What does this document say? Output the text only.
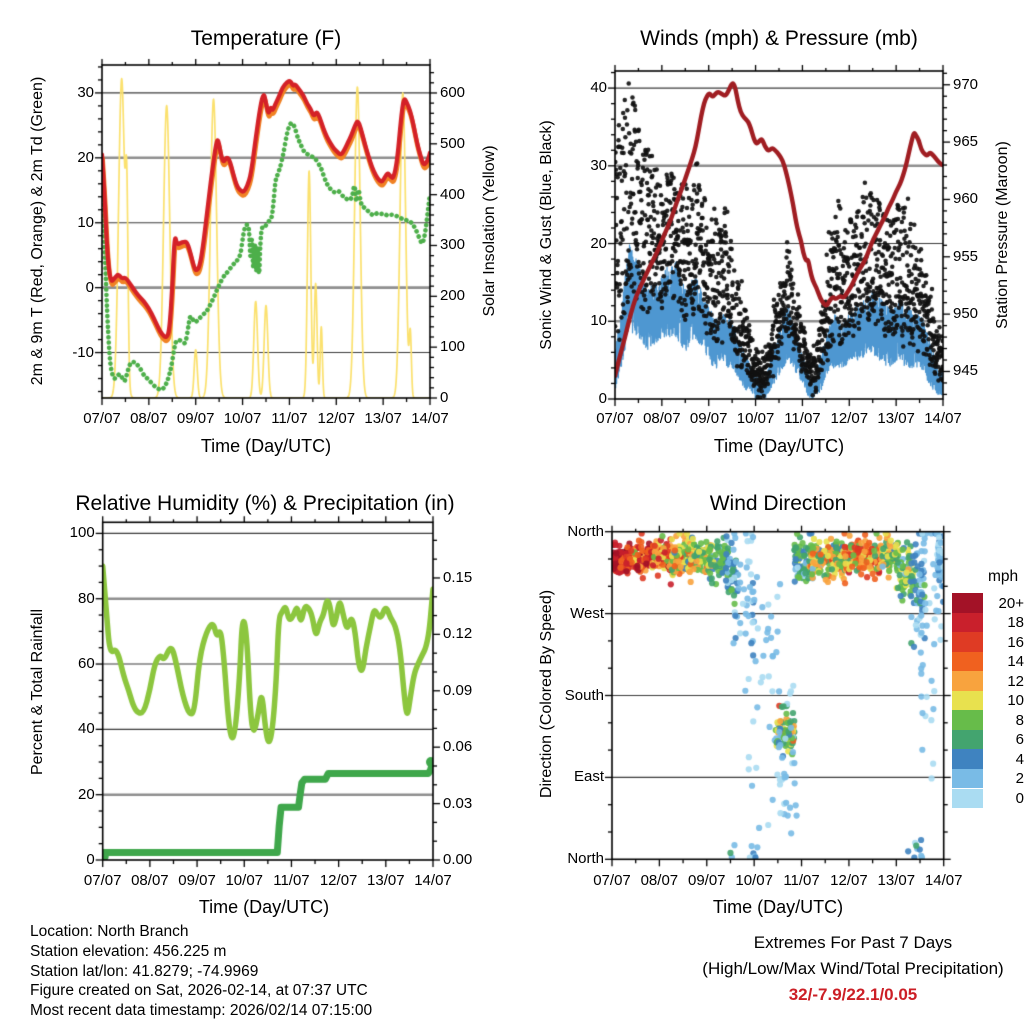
Temperature (F)	Winds (mph) & Pressure (mb)
Relative Humidity (%) & Precipitation (in)	Wind Direction
2m & 9m T (Red, Orange) & 2m Td (Green)	Solar Insolation (Yellow)	Sonic Wind & Gust (Blue, Black)	Station Pressure (Maroon)
Percent & Total Rainfall	Direction (Colored By Speed)
Time (Day/UTC)	Time (Day/UTC)
Time (Day/UTC)	Time (Day/UTC)
07/07 08/07 09/07 10/07 11/07 12/07 13/07 14/07	07/07 08/07 09/07 10/07 11/07 12/07 13/07 14/07
07/07 08/07 09/07 10/07 11/07 12/07 13/07 14/07	07/07 08/07 09/07 10/07 11/07 12/07 13/07 14/07
30
20
10
0
-10
600
500
400
300
200
100
0
40
30
20
10
0
970
965
960
955
950
945
100
80
60
40
20
0
0.15
0.12
0.09
0.06
0.03
0.00
North
West
South
East
North
mph
20+
18
16
14
12
10
8
6
4
2
0
Extremes For Past 7 Days
(High/Low/Max Wind/Total Precipitation)
32/-7.9/22.1/0.05
Location: North Branch
Station elevation: 456.225 m
Station lat/lon: 41.8279; -74.9969
Figure created on Sat, 2026-02-14, at 07:37 UTC
Most recent data timestamp: 2026/02/14 07:15:00
